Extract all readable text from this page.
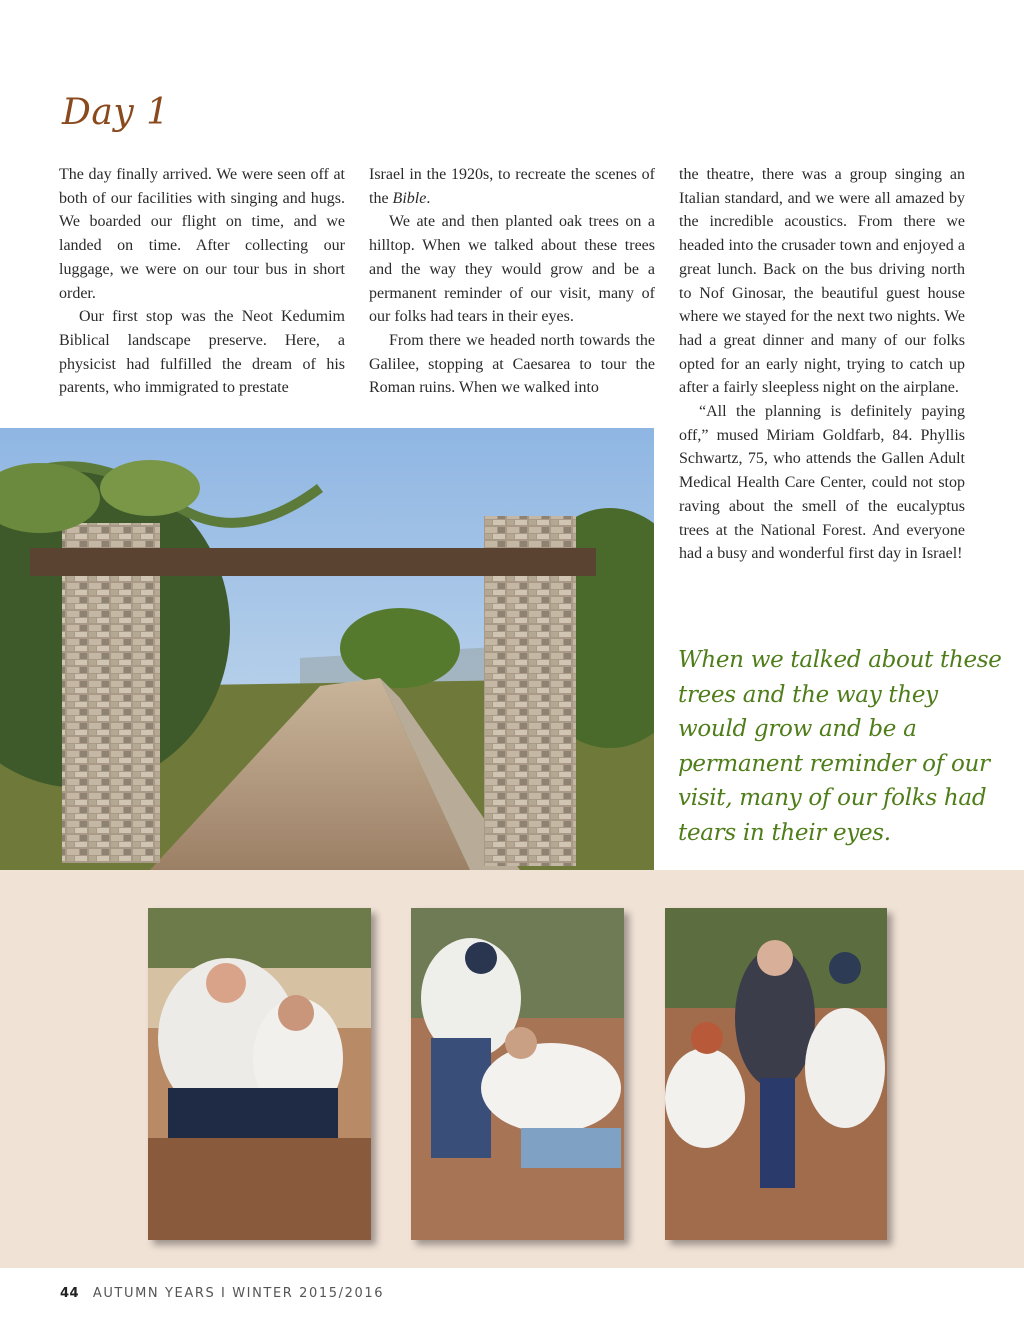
Day 1

The day finally arrived. We were seen off at both of our facilities with singing and hugs. We boarded our flight on time, and we landed on time. After collecting our luggage, we were on our tour bus in short order.

Our first stop was the Neot Kedumim Biblical landscape preserve. Here, a physicist had fulfilled the dream of his parents, who immigrated to prestate

Israel in the 1920s, to recreate the scenes of the Bible.

We ate and then planted oak trees on a hilltop. When we talked about these trees and the way they would grow and be a permanent reminder of our visit, many of our folks had tears in their eyes.

From there we headed north towards the Galilee, stopping at Caesarea to tour the Roman ruins. When we walked into

the theatre, there was a group singing an Italian standard, and we were all amazed by the incredible acoustics. From there we headed into the crusader town and enjoyed a great lunch. Back on the bus driving north to Nof Ginosar, the beautiful guest house where we stayed for the next two nights. We had a great dinner and many of our folks opted for an early night, trying to catch up after a fairly sleepless night on the airplane.

“All the planning is definitely paying off,” mused Miriam Goldfarb, 84. Phyllis Schwartz, 75, who attends the Gallen Adult Medical Health Care Center, could not stop raving about the smell of the eucalyptus trees at the National Forest. And everyone had a busy and wonderful first day in Israel!

When we talked about these trees and the way they would grow and be a permanent reminder of our visit, many of our folks had tears in their eyes.
44 AUTUMN YEARS I WINTER 2015/2016
